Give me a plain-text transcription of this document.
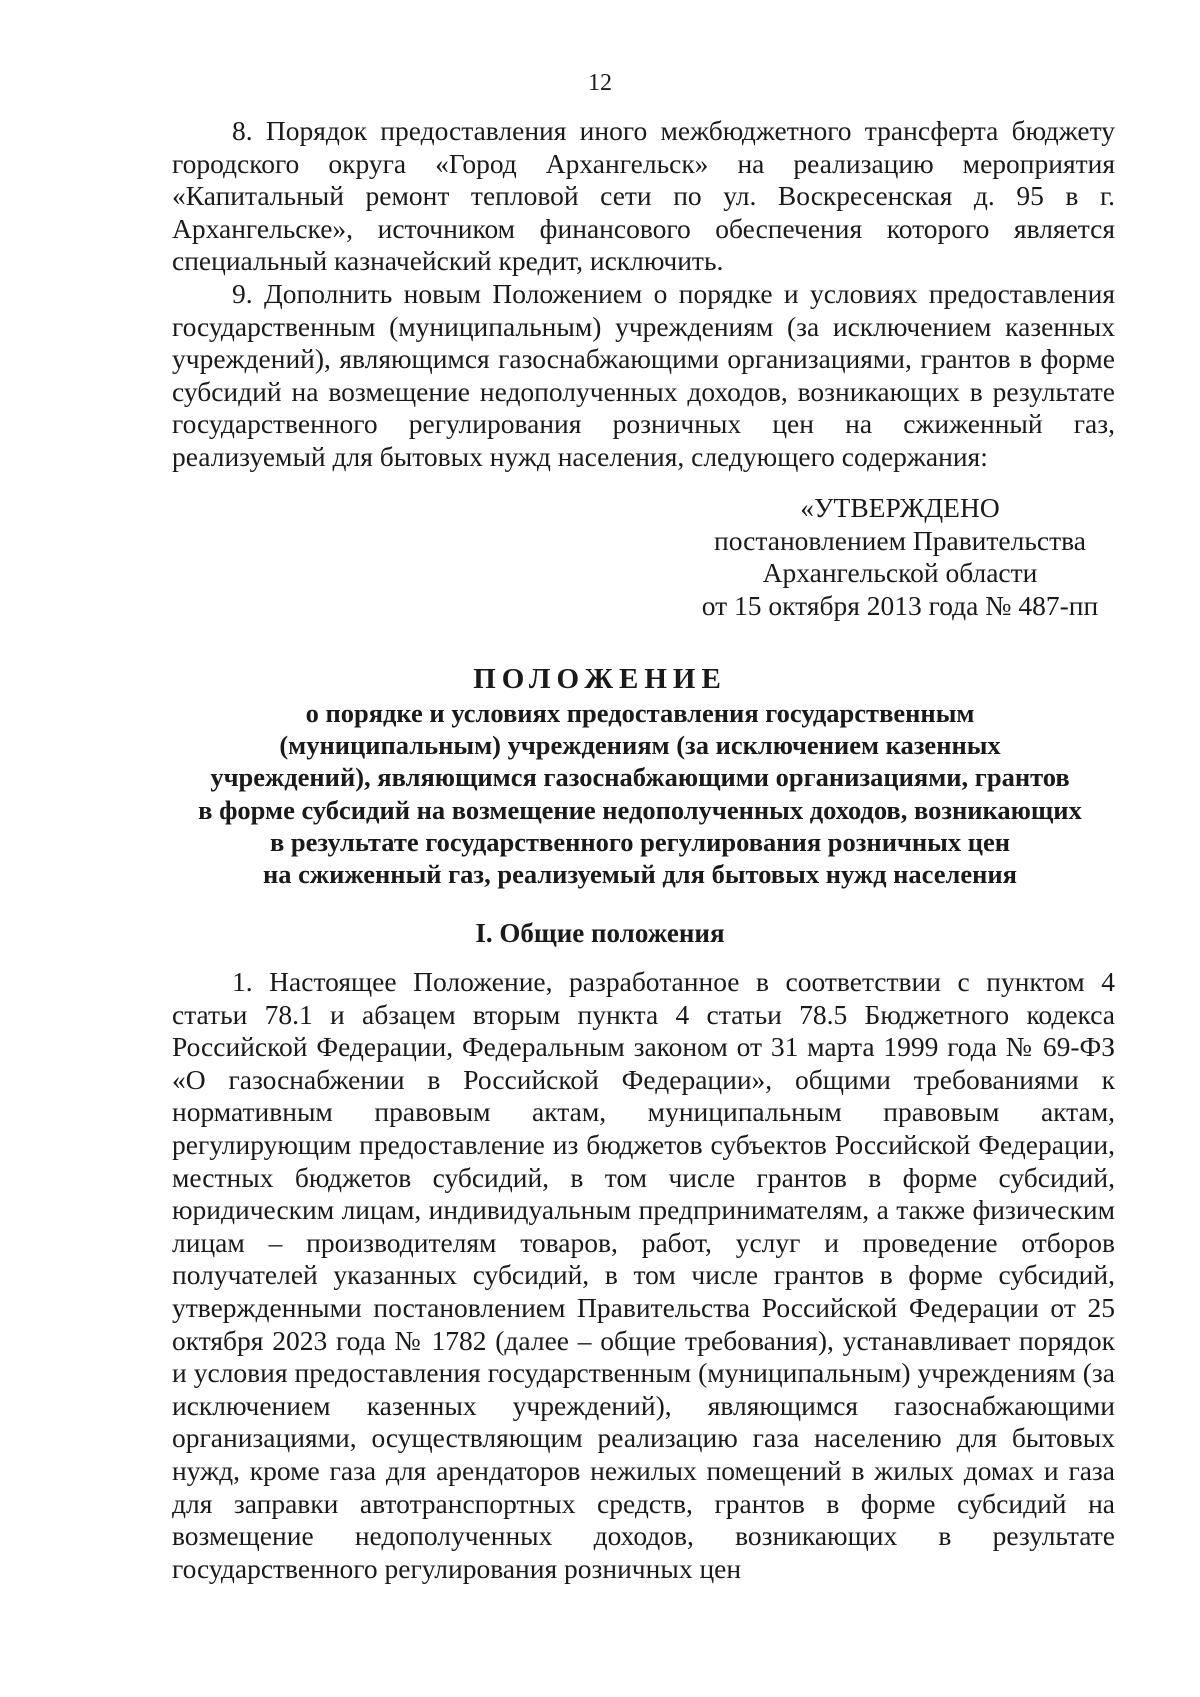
12

8. Порядок предоставления иного межбюджетного трансферта бюджету городского округа «Город Архангельск» на реализацию мероприятия «Капитальный ремонт тепловой сети по ул. Воскресенская д. 95 в г. Архангельске», источником финансового обеспечения которого является специальный казначейский кредит, исключить.

9. Дополнить новым Положением о порядке и условиях предоставления государственным (муниципальным) учреждениям (за исключением казенных учреждений), являющимся газоснабжающими организациями, грантов в форме субсидий на возмещение недополученных доходов, возникающих в результате государственного регулирования розничных цен на сжиженный газ, реализуемый для бытовых нужд населения, следующего содержания:

«УТВЕРЖДЕНО
постановлением Правительства
Архангельской области
от 15 октября 2013 года № 487-пп
ПОЛОЖЕНИЕ
о порядке и условиях предоставления государственным
(муниципальным) учреждениям (за исключением казенных
учреждений), являющимся газоснабжающими организациями, грантов
в форме субсидий на возмещение недополученных доходов, возникающих
в результате государственного регулирования розничных цен
на сжиженный газ, реализуемый для бытовых нужд населения
I. Общие положения

1. Настоящее Положение, разработанное в соответствии с пунктом 4 статьи 78.1 и абзацем вторым пункта 4 статьи 78.5 Бюджетного кодекса Российской Федерации, Федеральным законом от 31 марта 1999 года № 69-ФЗ «О газоснабжении в Российской Федерации», общими требованиями к нормативным правовым актам, муниципальным правовым актам, регулирующим предоставление из бюджетов субъектов Российской Федерации, местных бюджетов субсидий, в том числе грантов в форме субсидий, юридическим лицам, индивидуальным предпринимателям, а также физическим лицам – производителям товаров, работ, услуг и проведение отборов получателей указанных субсидий, в том числе грантов в форме субсидий, утвержденными постановлением Правительства Российской Федерации от 25 октября 2023 года № 1782 (далее – общие требования), устанавливает порядок и условия предоставления государственным (муниципальным) учреждениям (за исключением казенных учреждений), являющимся газоснабжающими организациями, осуществляющим реализацию газа населению для бытовых нужд, кроме газа для арендаторов нежилых помещений в жилых домах и газа для заправки автотранспортных средств, грантов в форме субсидий на возмещение недополученных доходов, возникающих в результате государственного регулирования розничных цен
